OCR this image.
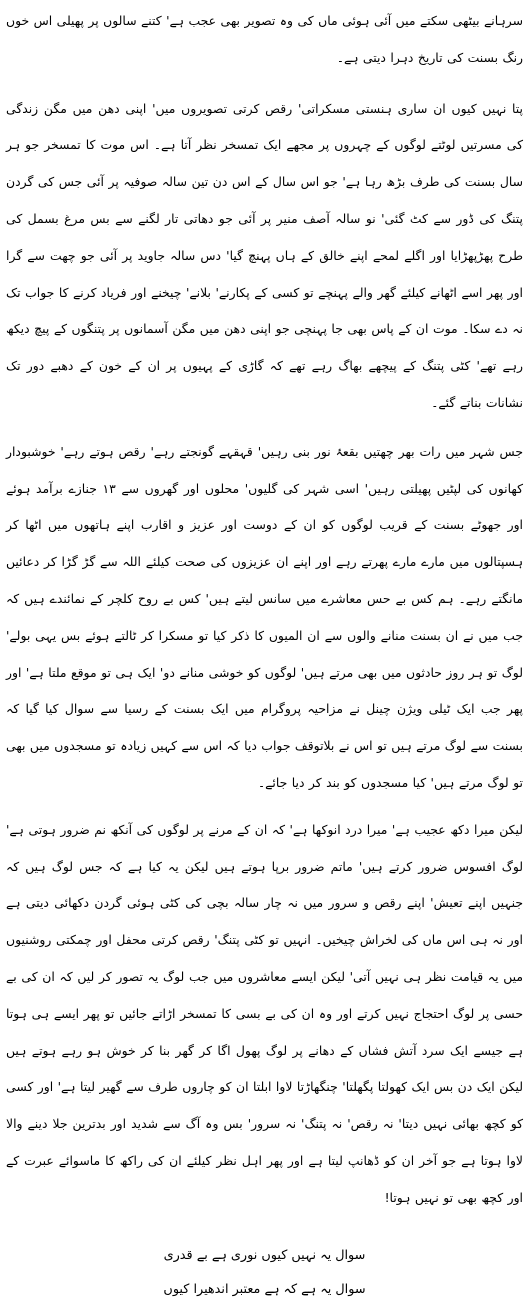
سرہانے بیٹھی سکتے میں آئی ہوئی ماں کی وہ تصویر بھی عجب ہے' کتنے سالوں پر پھیلی اس خوں رنگ بسنت کی تاریخ دہرا دیتی ہے۔

پتا نہیں کیوں ان ساری ہنستی مسکراتی' رقص کرتی تصویروں میں' اپنی دھن میں مگن زندگی کی مسرتیں لوٹتے لوگوں کے چہروں پر مجھے ایک تمسخر نظر آتا ہے۔ اس موت کا تمسخر جو ہر سال بسنت کی طرف بڑھ رہا ہے' جو اس سال کے اس دن تین سالہ صوفیہ پر آئی جس کی گردن پتنگ کی ڈور سے کٹ گئی' نو سالہ آصف منیر پر آئی جو دھاتی تار لگنے سے بس مرغ بسمل کی طرح پھڑپھڑایا اور اگلے لمحے اپنے خالق کے ہاں پہنچ گیا' دس سالہ جاوید پر آئی جو چھت سے گرا اور پھر اسے اٹھانے کیلئے گھر والے پہنچے تو کسی کے پکارنے' بلانے' چیخنے اور فریاد کرنے کا جواب تک نہ دے سکا۔ موت ان کے پاس بھی جا پہنچی جو اپنی دھن میں مگن آسمانوں پر پتنگوں کے پیچ دیکھ رہے تھے' کٹی پتنگ کے پیچھے بھاگ رہے تھے کہ گاڑی کے پہیوں پر ان کے خون کے دھبے دور تک نشانات بناتے گئے۔

جس شہر میں رات بھر چھتیں بقعۂ نور بنی رہیں' قہقہے گونجتے رہے' رقص ہوتے رہے' خوشبودار کھانوں کی لپٹیں پھیلتی رہیں' اسی شہر کی گلیوں' محلوں اور گھروں سے ۱۳ جنازے برآمد ہوئے اور جھوٹے بسنت کے قریب لوگوں کو ان کے دوست اور عزیز و اقارب اپنے ہاتھوں میں اٹھا کر ہسپتالوں میں مارے مارے پھرتے رہے اور اپنے ان عزیزوں کی صحت کیلئے اللہ سے گڑ گڑا کر دعائیں مانگتے رہے۔ ہم کس بے حس معاشرے میں سانس لیتے ہیں' کس بے روح کلچر کے نمائندے ہیں کہ جب میں نے ان بسنت منانے والوں سے ان المیوں کا ذکر کیا تو مسکرا کر ٹالتے ہوئے بس یہی بولے' لوگ تو ہر روز حادثوں میں بھی مرتے ہیں' لوگوں کو خوشی منانے دو' ایک ہی تو موقع ملتا ہے' اور پھر جب ایک ٹیلی ویژن چینل نے مزاحیہ پروگرام میں ایک بسنت کے رسیا سے سوال کیا گیا کہ بسنت سے لوگ مرتے ہیں تو اس نے بلاتوقف جواب دیا کہ اس سے کہیں زیادہ تو مسجدوں میں بھی تو لوگ مرتے ہیں' کیا مسجدوں کو بند کر دیا جائے۔

لیکن میرا دکھ عجیب ہے' میرا درد انوکھا ہے' کہ ان کے مرنے پر لوگوں کی آنکھ نم ضرور ہوتی ہے' لوگ افسوس ضرور کرتے ہیں' ماتم ضرور برپا ہوتے ہیں لیکن یہ کیا ہے کہ جس لوگ ہیں کہ جنہیں اپنے تعیش' اپنے رقص و سرور میں نہ چار سالہ بچی کی کٹی ہوئی گردن دکھائی دیتی ہے اور نہ ہی اس ماں کی لخراش چیخیں۔ انہیں تو کٹی پتنگ' رقص کرتی محفل اور چمکتی روشنیوں میں یہ قیامت نظر ہی نہیں آتی' لیکن ایسے معاشروں میں جب لوگ یہ تصور کر لیں کہ ان کی بے حسی پر لوگ احتجاج نہیں کرتے اور وہ ان کی بے بسی کا تمسخر اڑاتے جائیں تو پھر ایسے ہی ہوتا ہے جیسے ایک سرد آتش فشاں کے دھانے پر لوگ پھول اگا کر گھر بنا کر خوش ہو رہے ہوتے ہیں لیکن ایک دن بس ایک کھولتا پگھلتا' چنگھاڑتا لاوا ابلتا ان کو چاروں طرف سے گھیر لیتا ہے' اور کسی کو کچھ بھائی نہیں دیتا' نہ رقص' نہ پتنگ' نہ سرور' بس وہ آگ سے شدید اور بدترین جلا دینے والا لاوا ہوتا ہے جو آخر ان کو ڈھانپ لیتا ہے اور پھر اہل نظر کیلئے ان کی راکھ کا ماسوائے عبرت کے اور کچھ بھی تو نہیں ہوتا!

سوال یہ نہیں کیوں نوری ہے بے قدری
سوال یہ ہے کہ ہے معتبر اندھیرا کیوں
